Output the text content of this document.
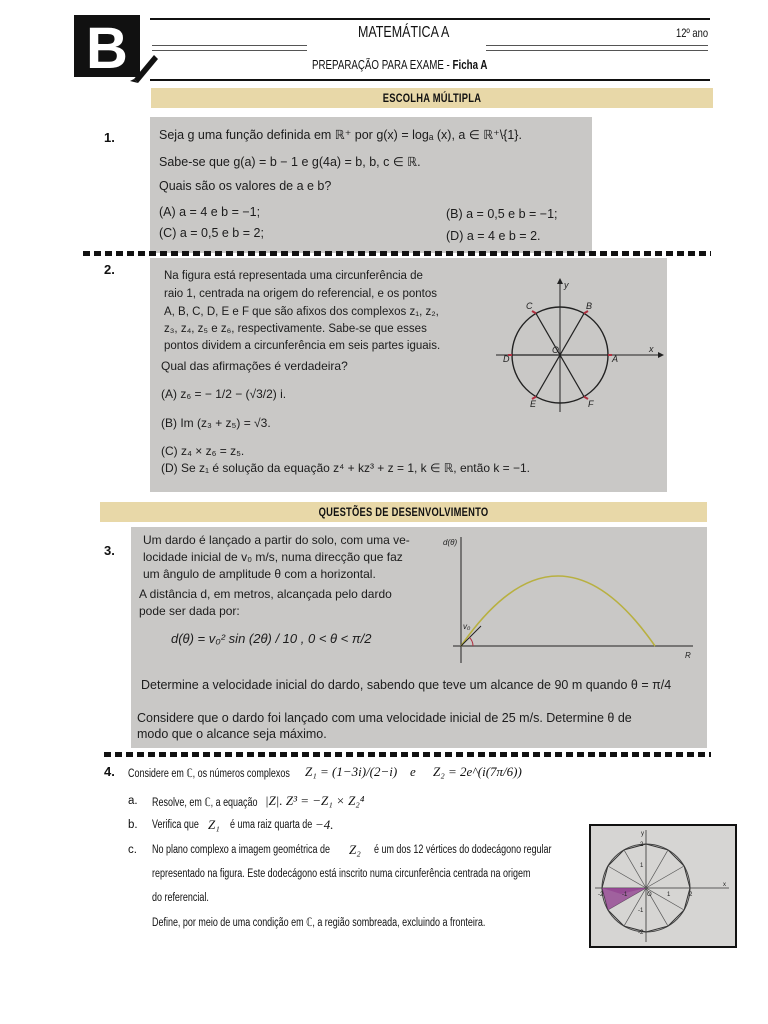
B	MATEMÁTICA A	12º ano
PREPARAÇÃO PARA EXAME - Ficha A
ESCOLHA MÚLTIPLA
1.	Seja g uma função definida em ℝ⁺ por g(x) = logₐ (x), a ∈ ℝ⁺\{1}.
Sabe-se que g(a) = b − 1 e g(4a) = b, b, c ∈ ℝ.
Quais são os valores de a e b?
(A) a = 4 e b = −1;	(B) a = 0,5 e b = −1;
(C) a = 0,5 e b = 2;	(D) a = 4 e b = 2.
2.	Na figura está representada uma circunferência de
raio 1, centrada na origem do referencial, e os pontos
A, B, C, D, E e F que são afixos dos complexos z₁, z₂,
z₃, z₄, z₅ e z₆, respectivamente. Sabe-se que esses
pontos dividem a circunferência em seis partes iguais.
Qual das afirmações é verdadeira?
(A) z₆ = − 1/2 − (√3/2) i.
(B) Im (z₃ + z₅) = √3.
(C) z₄ × z₆ = z₅.
(D) Se z₁ é solução da equação z⁴ + kz³ + z = 1, k ∈ ℝ, então k = −1.
y
x
O
A
B
C
D
E	F
QUESTÕES DE DESENVOLVIMENTO
3.
Um dardo é lançado a partir do solo, com uma ve-
locidade inicial de v₀ m/s, numa direcção que faz
um ângulo de amplitude θ com a horizontal.
A distância d, em metros, alcançada pelo dardo
pode ser dada por:
d(θ) = v₀² sin (2θ) / 10 , 0 < θ < π/2
Determine a velocidade inicial do dardo, sabendo que teve um alcance de 90 m quando θ = π/4
Considere que o dardo foi lançado com uma velocidade inicial de 25 m/s. Determine θ de
modo que o alcance seja máximo.
d(θ)
v₀
R
4. Considere em ℂ, os números complexos Z₁ = (1−3i)/(2−i) e Z₂ = 2e^(i(7π/6))
a. Resolve, em ℂ, a equação |Z|. Z³ = −Z₁ × Z₂⁴
b. Verifica que Z₁ é uma raiz quarta de −4.
c. No plano complexo a imagem geométrica de Z₂ é um dos 12 vértices do dodecágono regular
representado na figura. Este dodecágono está inscrito numa circunferência centrada na origem
do referencial.
Define, por meio de uma condição em ℂ, a região sombreada, excluindo a fronteira.
y
x
2
1
-1
-2
-2	-1	O	1	2
